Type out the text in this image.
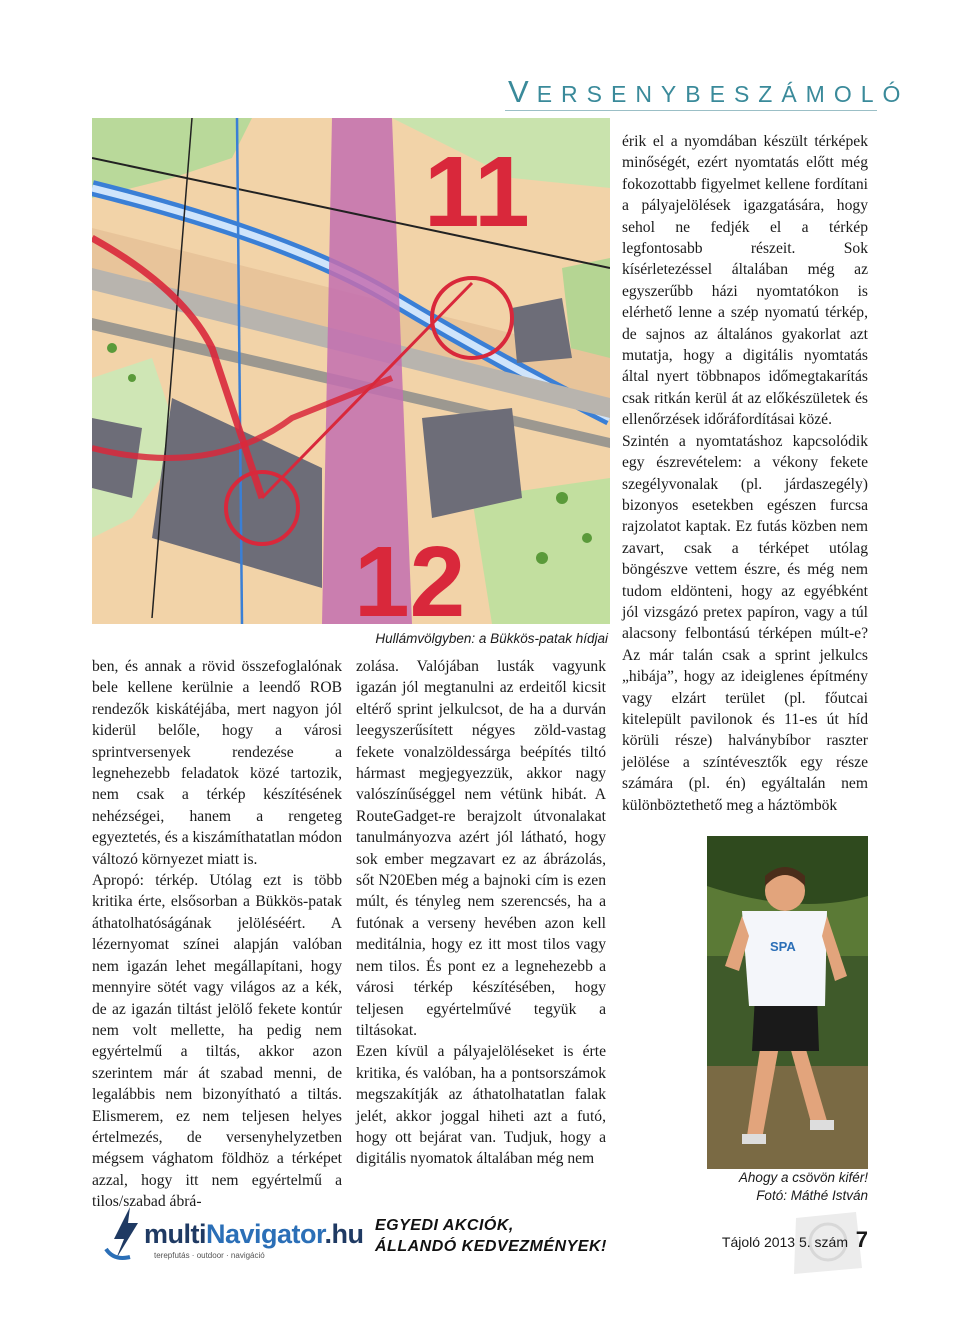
VERSENYBESZÁMOLÓ
11
12
Hullámvölgyben: a Bükkös-patak hídjai

ben, és annak a rövid összefoglalónak bele kellene kerülnie a leendő ROB rendezők kiskátéjába, mert nagyon jól kiderül belőle, hogy a városi sprintversenyek rendezése a legnehezebb feladatok közé tartozik, nem csak a térkép készítésének nehézségei, hanem a rengeteg egyeztetés, és a kiszámíthatatlan módon változó környezet miatt is.

Apropó: térkép. Utólag ezt is több kritika érte, elsősorban a Bükkös-patak áthatolhatóságának jelöléséért. A lézernyomat színei alapján valóban nem igazán lehet megállapítani, hogy mennyire sötét vagy világos az a kék, de az igazán tiltást jelölő fekete kontúr nem volt mellette, ha pedig nem egyértelmű a tiltás, akkor azon szerintem már át szabad menni, de legalábbis nem bizonyítható a tiltás. Elismerem, ez nem teljesen helyes értelmezés, de versenyhelyzetben mégsem vághatom földhöz a térképet azzal, hogy itt nem egyértelmű a tilos/szabad ábrá-

zolása. Valójában lusták vagyunk igazán jól megtanulni az erdeitől kicsit eltérő sprint jelkulcsot, de ha a durván leegyszerűsített négyes zöld-vastag fekete vonalzöldessárga beépítés tiltó hármast megjegyezzük, akkor nagy valószínűséggel nem vétünk hibát. A RouteGadget-re berajzolt útvonalakat tanulmányozva azért jól látható, hogy sok ember megzavart ez az ábrázolás, sőt N20Eben még a bajnoki cím is ezen múlt, és tényleg nem szerencsés, ha a futónak a verseny hevében azon kell meditálnia, hogy ez itt most tilos vagy nem tilos. És pont ez a legnehezebb a városi térkép készítésében, hogy teljesen egyértelművé tegyük a tiltásokat.

Ezen kívül a pályajelöléseket is érte kritika, és valóban, ha a pontsorszámok megszakítják az áthatolhatatlan falak jelét, akkor joggal hiheti azt a futó, hogy ott bejárat van. Tudjuk, hogy a digitális nyomatok általában még nem

érik el a nyomdában készült térképek minőségét, ezért nyomtatás előtt még fokozottabb figyelmet kellene fordítani a pályajelölések igazgatására, hogy sehol ne fedjék el a térkép legfontosabb részeit. Sok kísérletezéssel általában még az egyszerűbb házi nyomtatókon is elérhető lenne a szép nyomatú térkép, de sajnos az általános gyakorlat azt mutatja, hogy a digitális nyomtatás által nyert többnapos időmegtakarítás csak ritkán kerül át az előkészületek és ellenőrzések időráfordításai közé.

Szintén a nyomtatáshoz kapcsolódik egy észrevételem: a vékony fekete szegélyvonalak (pl. járdaszegély) bizonyos esetekben egészen furcsa rajzolatot kaptak. Ez futás közben nem zavart, csak a térképet utólag böngészve vettem észre, és még nem tudom eldönteni, hogy az egyébként jól vizsgázó pretex papíron, vagy a túl alacsony felbontású térképen múlt-e? Az már talán csak a sprint jelkulcs „hibája”, hogy az ideiglenes építmény vagy elzárt terület (pl. főutcai kitelepült pavilonok és 11-es út híd körüli része) halványbíbor raszter jelölése a színtévesztők egy része számára (pl. én) egyáltalán nem különböztethető meg a háztömbök

SPA
Ahogy a csövön kifér!
Fotó: Máthé István
multiNavigator.hu
terepfutás · outdoor · navigáció
EGYEDI AKCIÓK,
ÁLLANDÓ KEDVEZMÉNYEK!	Tájoló 2013 5. szám 7
